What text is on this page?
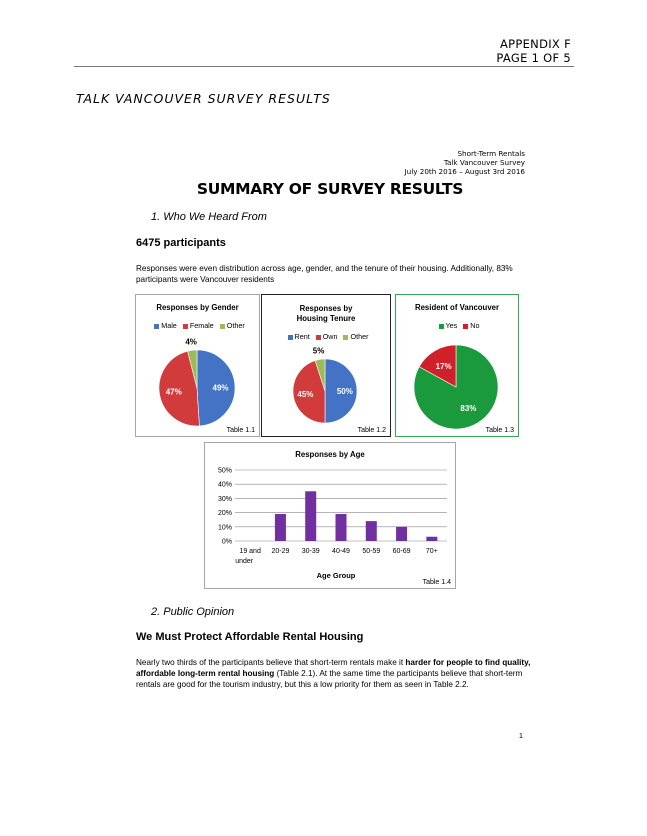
APPENDIX F
PAGE 1 OF 5
TALK VANCOUVER SURVEY RESULTS
Short-Term Rentals
Talk Vancouver Survey
July 20th 2016 – August 3rd 2016
SUMMARY OF SURVEY RESULTS
1. Who We Heard From
6475 participants
Responses were even distribution across age, gender, and the tenure of their housing. Additionally, 83% participants were Vancouver residents
Responses by Gender
Male Female Other
49%
47%
4%
Table 1.1
Responses by Housing Tenure
Rent Own Other
50%
45%
5%
Table 1.2
Resident of Vancouver
Yes No
83%
17%
Table 1.3
Responses by Age
0%
10%
20%
30%
40%
50%
19 and under
20-29 30-39 40-49 50-59 60-69 70+
Age Group
Table 1.4
2. Public Opinion
We Must Protect Affordable Rental Housing
Nearly two thirds of the participants believe that short-term rentals make it harder for people to find quality, affordable long-term rental housing (Table 2.1). At the same time the participants believe that short-term rentals are good for the tourism industry, but this a low priority for them as seen in Table 2.2.
1
